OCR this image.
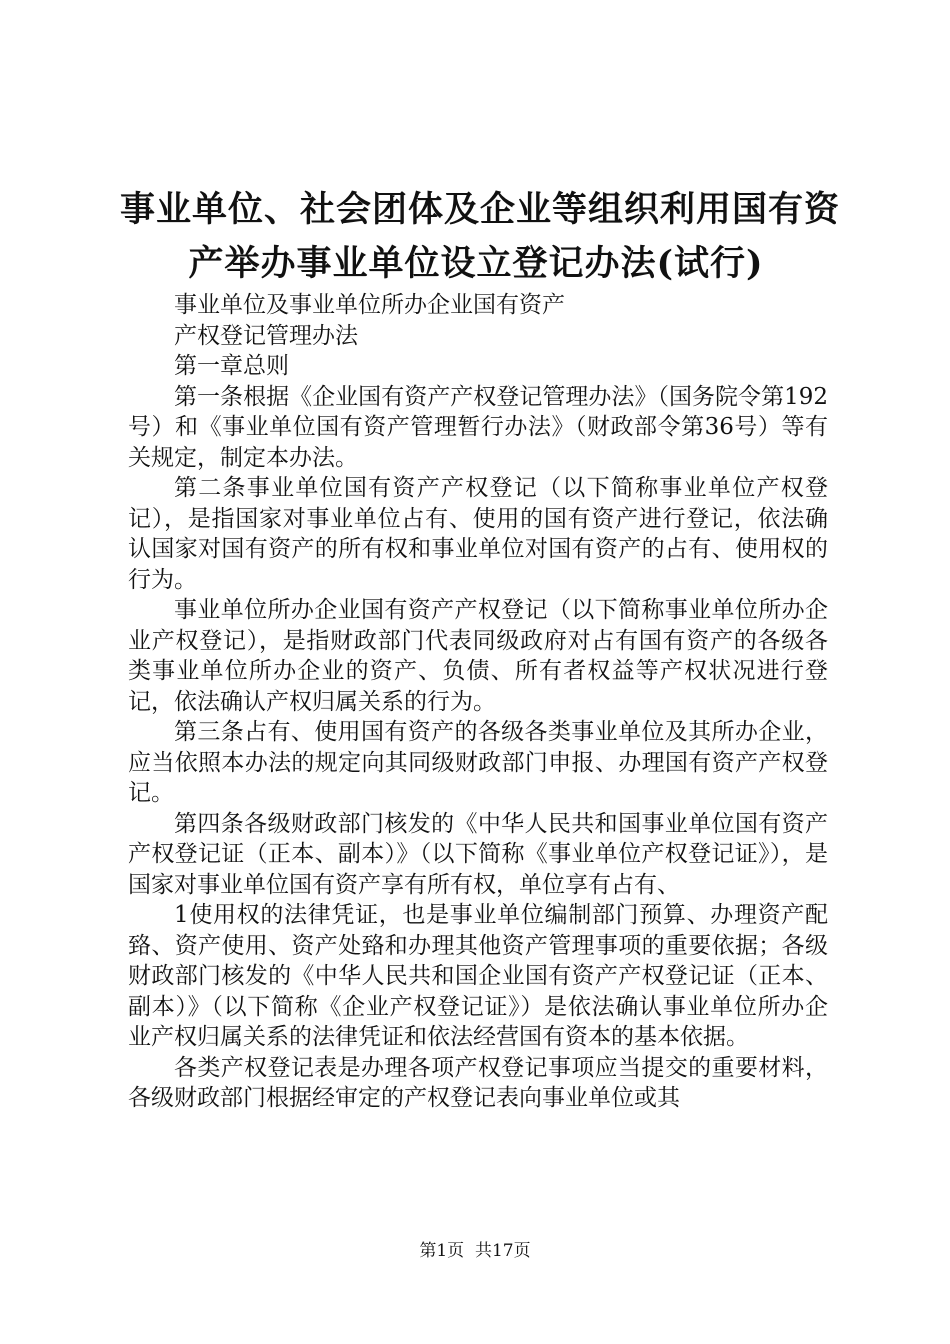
事业单位、社会团体及企业等组织利用国有资
产举办事业单位设立登记办法(试行)

事业单位及事业单位所办企业国有资产

产权登记管理办法

第一章总则

第一条根据《企业国有资产产权登记管理办法》（国务院令第192号）和《事业单位国有资产管理暂行办法》（财政部令第36号）等有关规定，制定本办法。

第二条事业单位国有资产产权登记（以下简称事业单位产权登记），是指国家对事业单位占有、使用的国有资产进行登记，依法确认国家对国有资产的所有权和事业单位对国有资产的占有、使用权的行为。

事业单位所办企业国有资产产权登记（以下简称事业单位所办企业产权登记），是指财政部门代表同级政府对占有国有资产的各级各类事业单位所办企业的资产、负债、所有者权益等产权状况进行登记，依法确认产权归属关系的行为。

第三条占有、使用国有资产的各级各类事业单位及其所办企业，应当依照本办法的规定向其同级财政部门申报、办理国有资产产权登记。

第四条各级财政部门核发的《中华人民共和国事业单位国有资产产权登记证（正本、副本）》（以下简称《事业单位产权登记证》），是国家对事业单位国有资产享有所有权，单位享有占有、

1使用权的法律凭证，也是事业单位编制部门预算、办理资产配臵、资产使用、资产处臵和办理其他资产管理事项的重要依据；各级财政部门核发的《中华人民共和国企业国有资产产权登记证（正本、副本）》（以下简称《企业产权登记证》）是依法确认事业单位所办企业产权归属关系的法律凭证和依法经营国有资本的基本依据。

各类产权登记表是办理各项产权登记事项应当提交的重要材料，各级财政部门根据经审定的产权登记表向事业单位或其

第1页  共17页
